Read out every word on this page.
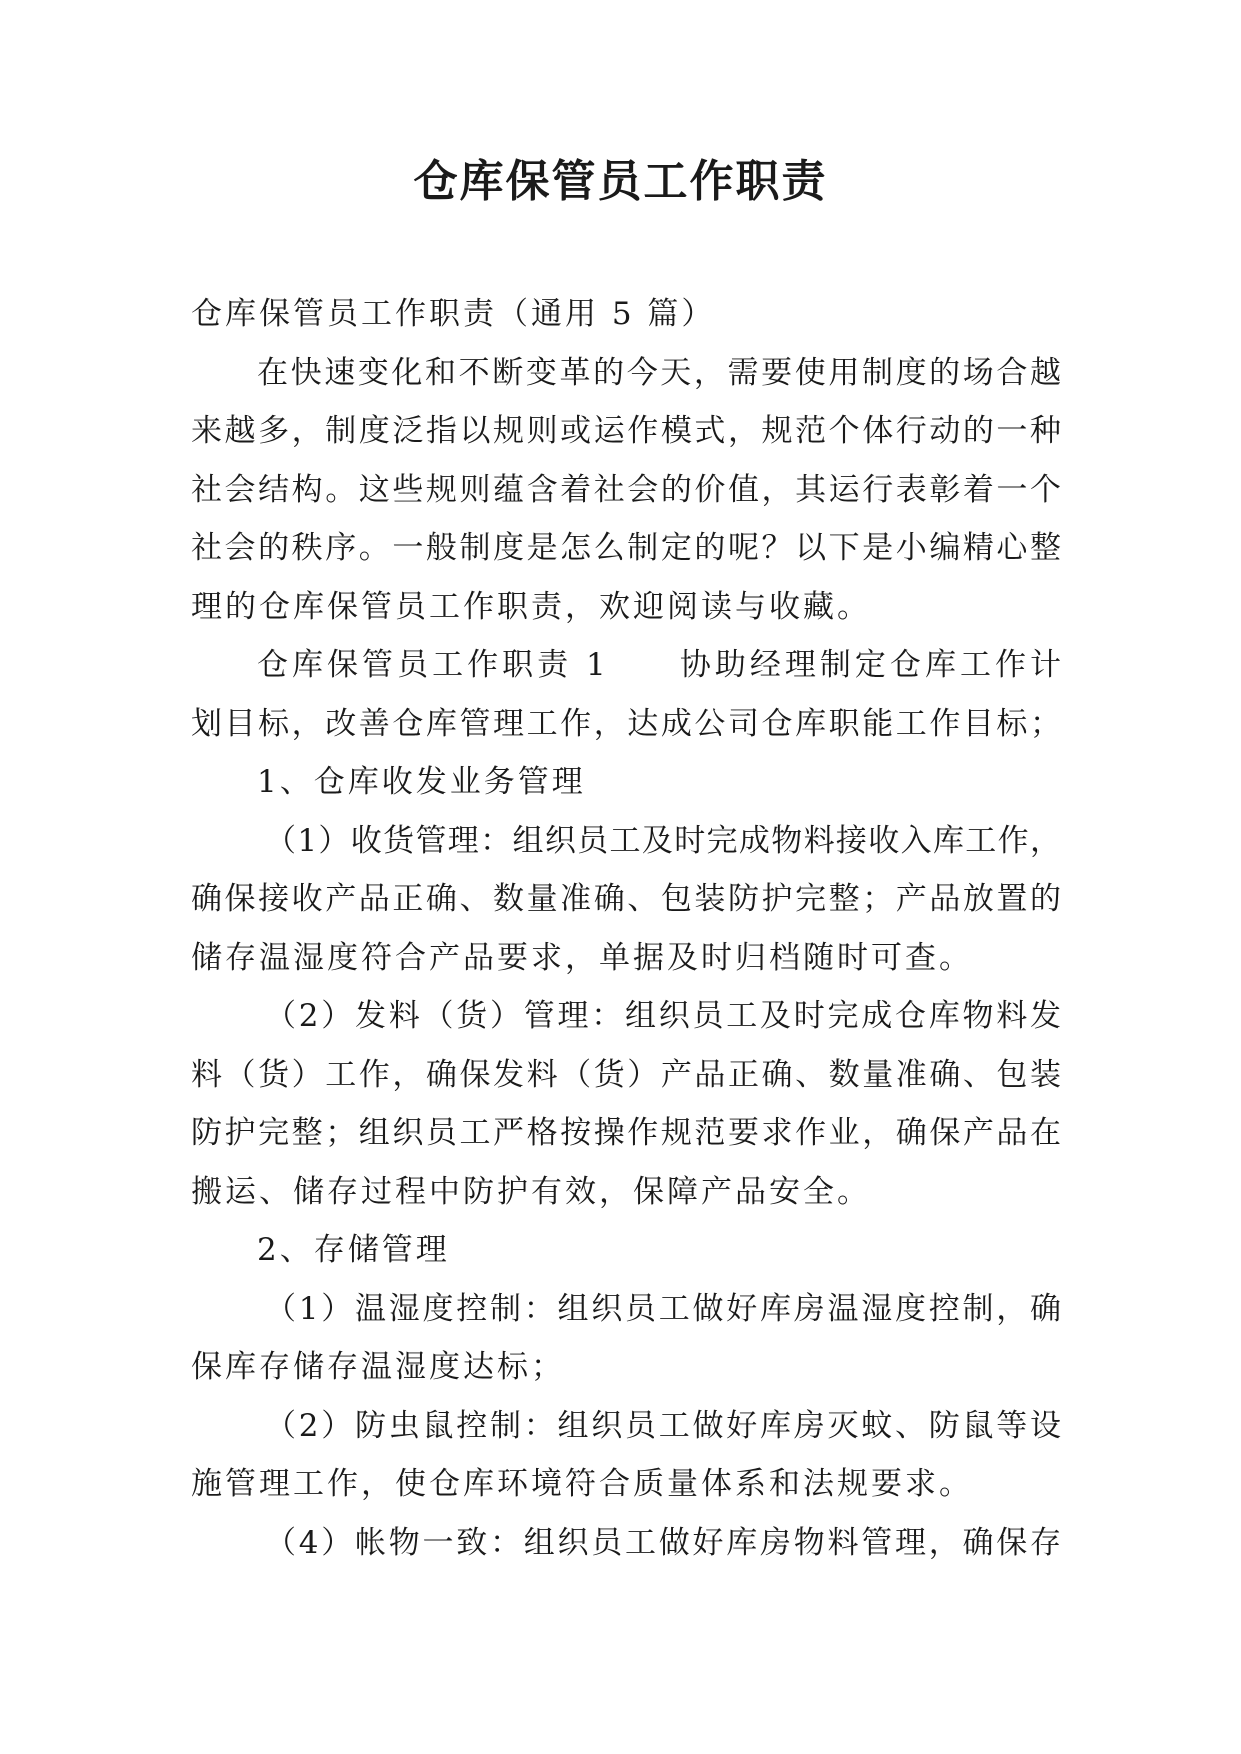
仓库保管员工作职责
仓库保管员工作职责（通用 5 篇）
在快速变化和不断变革的今天，需要使用制度的场合越
来越多，制度泛指以规则或运作模式，规范个体行动的一种
社会结构。这些规则蕴含着社会的价值，其运行表彰着一个
社会的秩序。一般制度是怎么制定的呢？以下是小编精心整
理的仓库保管员工作职责，欢迎阅读与收藏。
仓库保管员工作职责 1　　协助经理制定仓库工作计
划目标，改善仓库管理工作，达成公司仓库职能工作目标；
1、仓库收发业务管理
（1）收货管理：组织员工及时完成物料接收入库工作，
确保接收产品正确、数量准确、包装防护完整；产品放置的
储存温湿度符合产品要求，单据及时归档随时可查。
（2）发料（货）管理：组织员工及时完成仓库物料发
料（货）工作，确保发料（货）产品正确、数量准确、包装
防护完整；组织员工严格按操作规范要求作业，确保产品在
搬运、储存过程中防护有效，保障产品安全。
2、存储管理
（1）温湿度控制：组织员工做好库房温湿度控制，确
保库存储存温湿度达标；
（2）防虫鼠控制：组织员工做好库房灭蚊、防鼠等设
施管理工作，使仓库环境符合质量体系和法规要求。
（4）帐物一致：组织员工做好库房物料管理，确保存
